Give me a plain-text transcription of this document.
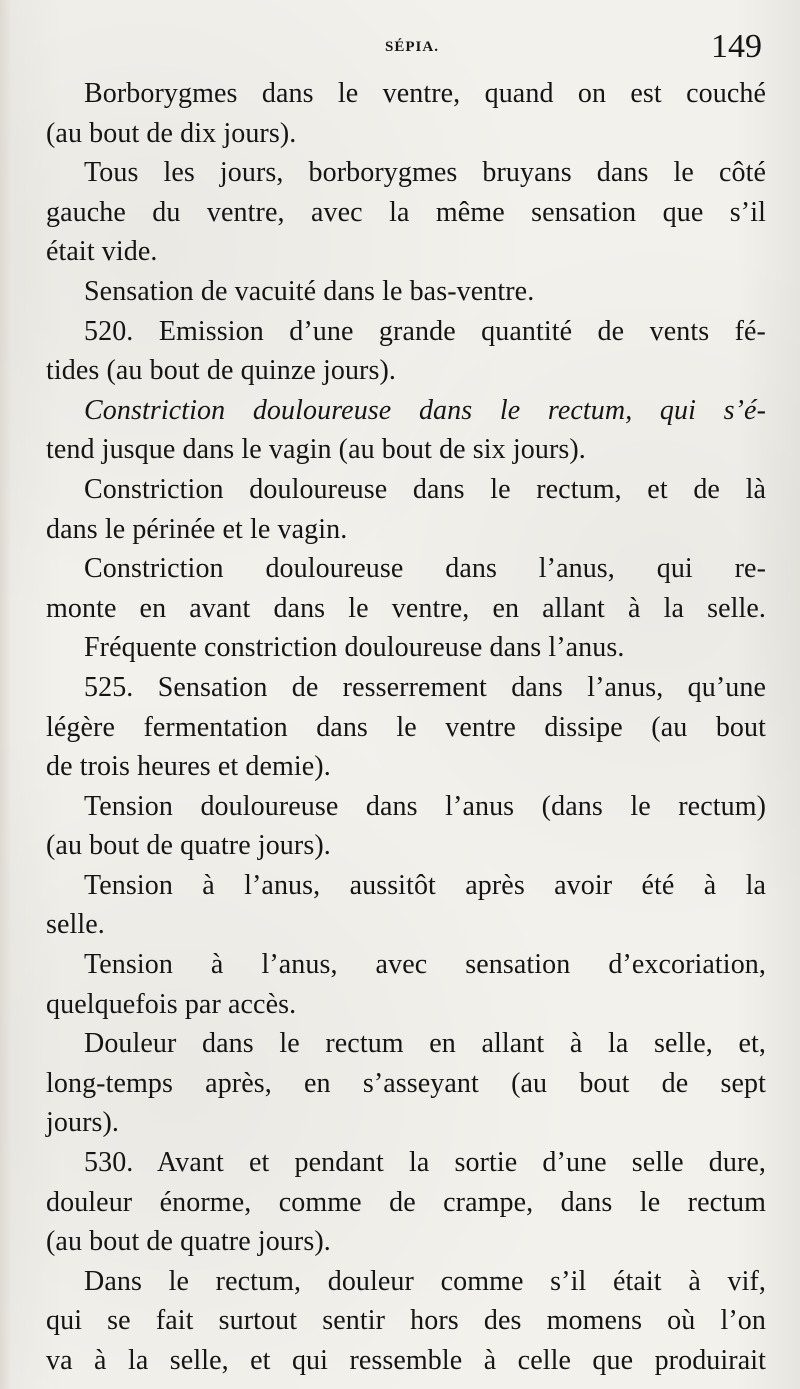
SÉPIA.	149
Borborygmes dans le ventre, quand on est couché
(au bout de dix jours).
Tous les jours, borborygmes bruyans dans le côté
gauche du ventre, avec la même sensation que s’il
était vide.
Sensation de vacuité dans le bas-ventre.
520. Emission d’une grande quantité de vents fé-
tides (au bout de quinze jours).
Constriction douloureuse dans le rectum, qui s’é-
tend jusque dans le vagin (au bout de six jours).
Constriction douloureuse dans le rectum, et de là
dans le périnée et le vagin.
Constriction douloureuse dans l’anus, qui re-
monte en avant dans le ventre, en allant à la selle.
Fréquente constriction douloureuse dans l’anus.
525. Sensation de resserrement dans l’anus, qu’une
légère fermentation dans le ventre dissipe (au bout
de trois heures et demie).
Tension douloureuse dans l’anus (dans le rectum)
(au bout de quatre jours).
Tension à l’anus, aussitôt après avoir été à la
selle.
Tension à l’anus, avec sensation d’excoriation,
quelquefois par accès.
Douleur dans le rectum en allant à la selle, et,
long-temps après, en s’asseyant (au bout de sept
jours).
530. Avant et pendant la sortie d’une selle dure,
douleur énorme, comme de crampe, dans le rectum
(au bout de quatre jours).
Dans le rectum, douleur comme s’il était à vif,
qui se fait surtout sentir hors des momens où l’on
va à la selle, et qui ressemble à celle que produirait
